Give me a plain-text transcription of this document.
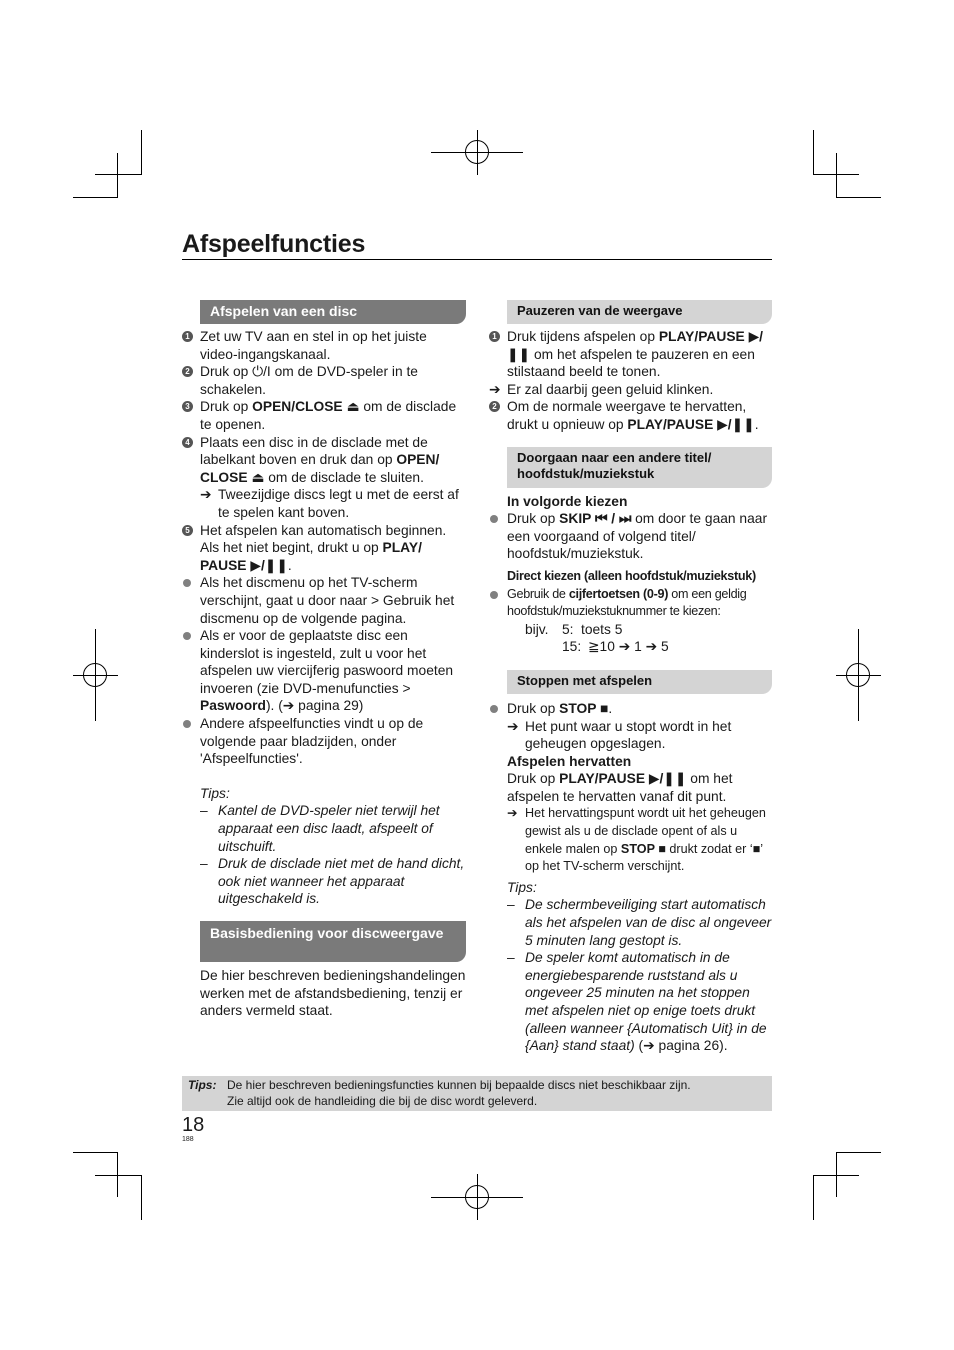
Afspeelfuncties
Afspelen van een disc
1 Zet uw TV aan en stel in op het juiste video-ingangskanaal.
2 Druk op ⏻/I om de DVD-speler in te schakelen.
3 Druk op OPEN/CLOSE ⏏ om de disclade te openen.
4 Plaats een disc in de disclade met de labelkant boven en druk dan op OPEN/ CLOSE ⏏ om de disclade te sluiten.
➔ Tweezijdige discs legt u met de eerst af te spelen kant boven.
5 Het afspelen kan automatisch beginnen. Als het niet begint, drukt u op PLAY/ PAUSE ▶/❚❚.
Als het discmenu op het TV-scherm verschijnt, gaat u door naar > Gebruik het discmenu op de volgende pagina.
Als er voor de geplaatste disc een kinderslot is ingesteld, zult u voor het afspelen uw viercijferig paswoord moeten invoeren (zie DVD-menufuncties > Paswoord). (➔ pagina 29)
Andere afspeelfuncties vindt u op de volgende paar bladzijden, onder 'Afspeelfuncties'.
Tips:
– Kantel de DVD-speler niet terwijl het apparaat een disc laadt, afspeelt of uitschuift.
– Druk de disclade niet met de hand dicht, ook niet wanneer het apparaat uitgeschakeld is.
Basisbediening voor discweergave

De hier beschreven bedieningshandelingen werken met de afstandsbediening, tenzij er anders vermeld staat.

Pauzeren van de weergave
1 Druk tijdens afspelen op PLAY/PAUSE ▶/❚❚ om het afspelen te pauzeren en een stilstaand beeld te tonen.
➔ Er zal daarbij geen geluid klinken.
2 Om de normale weergave te hervatten, drukt u opnieuw op PLAY/PAUSE ▶/❚❚.
Doorgaan naar een andere titel/ hoofdstuk/muziekstuk
In volgorde kiezen
Druk op SKIP ⏮ / ⏭ om door te gaan naar een voorgaand of volgend titel/ hoofdstuk/muziekstuk.
Direct kiezen (alleen hoofdstuk/muziekstuk)
Gebruik de cijfertoetsen (0-9) om een geldig hoofdstuk/muziekstuknummer te kiezen:
bijv. 5: toets 5
15: ≧10 ➔ 1 ➔ 5
Stoppen met afspelen
Druk op STOP ■.
➔ Het punt waar u stopt wordt in het geheugen opgeslagen.
Afspelen hervatten
Druk op PLAY/PAUSE ▶/❚❚ om het afspelen te hervatten vanaf dit punt.
➔ Het hervattingspunt wordt uit het geheugen gewist als u de disclade opent of als u enkele malen op STOP ■ drukt zodat er ‘■’ op het TV-scherm verschijnt.
Tips:
– De schermbeveiliging start automatisch als het afspelen van de disc al ongeveer 5 minuten lang gestopt is.
– De speler komt automatisch in de energiebesparende ruststand als u ongeveer 25 minuten na het stoppen met afspelen niet op enige toets drukt (alleen wanneer {Automatisch Uit} in de {Aan} stand staat) (➔ pagina 26).
Tips: De hier beschreven bedieningsfuncties kunnen bij bepaalde discs niet beschikbaar zijn.
Zie altijd ook de handleiding die bij de disc wordt geleverd.
18
188
